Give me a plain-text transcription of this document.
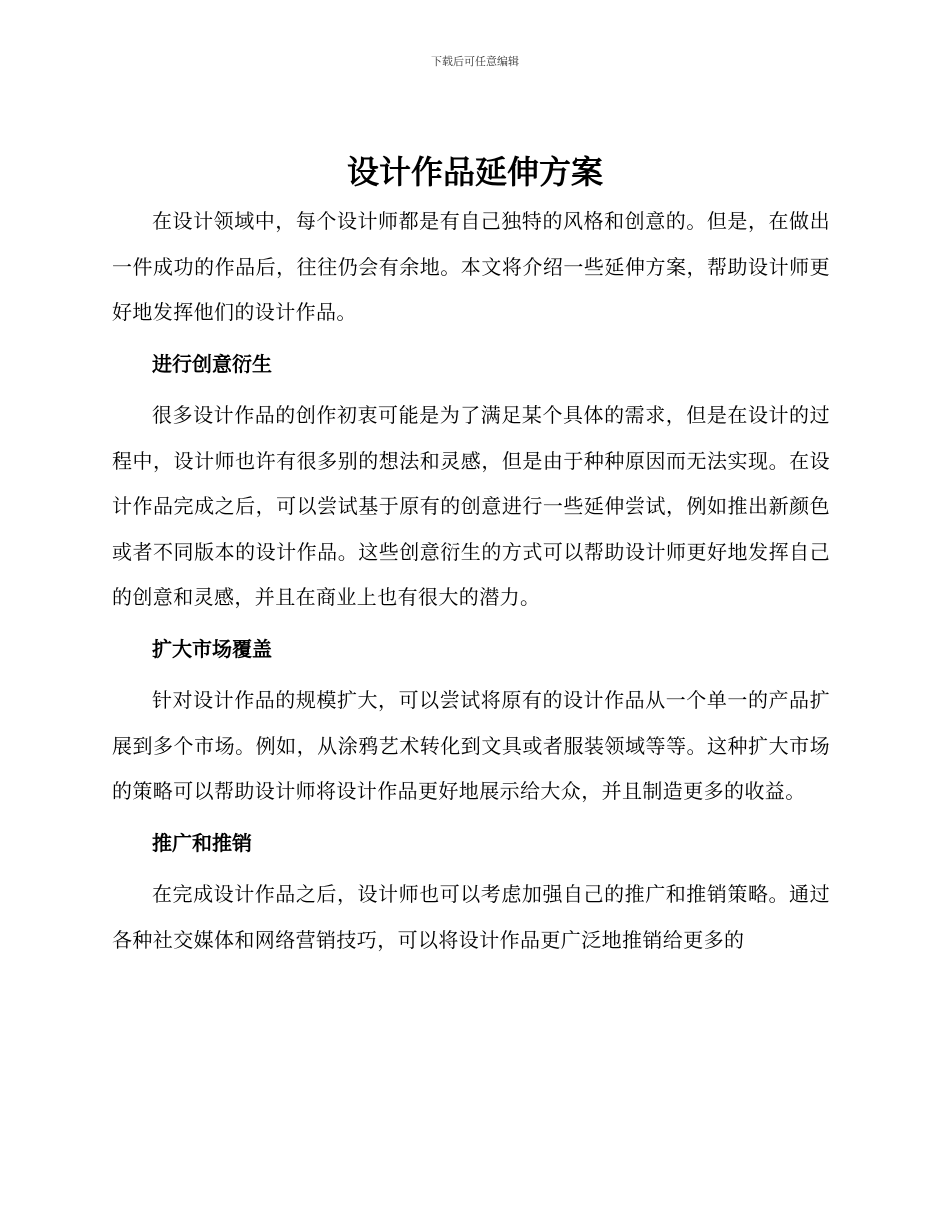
下载后可任意编辑
设计作品延伸方案

在设计领域中，每个设计师都是有自己独特的风格和创意的。但是，在做出一件成功的作品后，往往仍会有余地。本文将介绍一些延伸方案，帮助设计师更好地发挥他们的设计作品。

进行创意衍生

很多设计作品的创作初衷可能是为了满足某个具体的需求，但是在设计的过程中，设计师也许有很多别的想法和灵感，但是由于种种原因而无法实现。在设计作品完成之后，可以尝试基于原有的创意进行一些延伸尝试，例如推出新颜色或者不同版本的设计作品。这些创意衍生的方式可以帮助设计师更好地发挥自己的创意和灵感，并且在商业上也有很大的潜力。

扩大市场覆盖

针对设计作品的规模扩大，可以尝试将原有的设计作品从一个单一的产品扩展到多个市场。例如，从涂鸦艺术转化到文具或者服装领域等等。这种扩大市场的策略可以帮助设计师将设计作品更好地展示给大众，并且制造更多的收益。

推广和推销

在完成设计作品之后，设计师也可以考虑加强自己的推广和推销策略。通过各种社交媒体和网络营销技巧，可以将设计作品更广泛地推销给更多的
